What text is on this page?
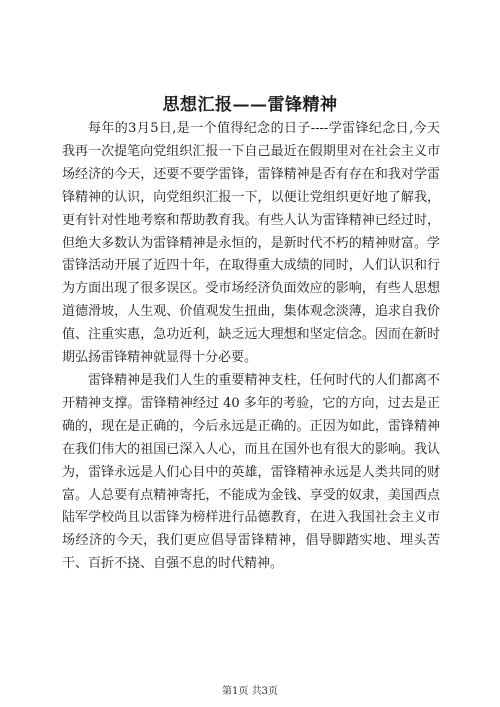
思想汇报——雷锋精神

每年的3月5日,是一个值得纪念的日子----学雷锋纪念日,今天我再一次提笔向党组织汇报一下自己最近在假期里对在社会主义市场经济的今天，还要不要学雷锋，雷锋精神是否有存在和我对学雷锋精神的认识，向党组织汇报一下，以便让党组织更好地了解我，更有针对性地考察和帮助教育我。有些人认为雷锋精神已经过时，但绝大多数认为雷锋精神是永恒的，是新时代不朽的精神财富。学雷锋活动开展了近四十年，在取得重大成绩的同时，人们认识和行为方面出现了很多误区。受市场经济负面效应的影响，有些人思想道德滑坡，人生观、价值观发生扭曲，集体观念淡薄，追求自我价值、注重实惠，急功近利，缺乏远大理想和坚定信念。因而在新时期弘扬雷锋精神就显得十分必要。

雷锋精神是我们人生的重要精神支柱，任何时代的人们都离不开精神支撑。雷锋精神经过 40 多年的考验，它的方向，过去是正确的，现在是正确的，今后永远是正确的。正因为如此，雷锋精神在我们伟大的祖国已深入人心，而且在国外也有很大的影响。我认为，雷锋永远是人们心目中的英雄，雷锋精神永远是人类共同的财富。人总要有点精神寄托，不能成为金钱、享受的奴隶，美国西点陆军学校尚且以雷锋为榜样进行品德教育，在进入我国社会主义市场经济的今天，我们更应倡导雷锋精神，倡导脚踏实地、埋头苦干、百折不挠、自强不息的时代精神。

第1页 共3页
